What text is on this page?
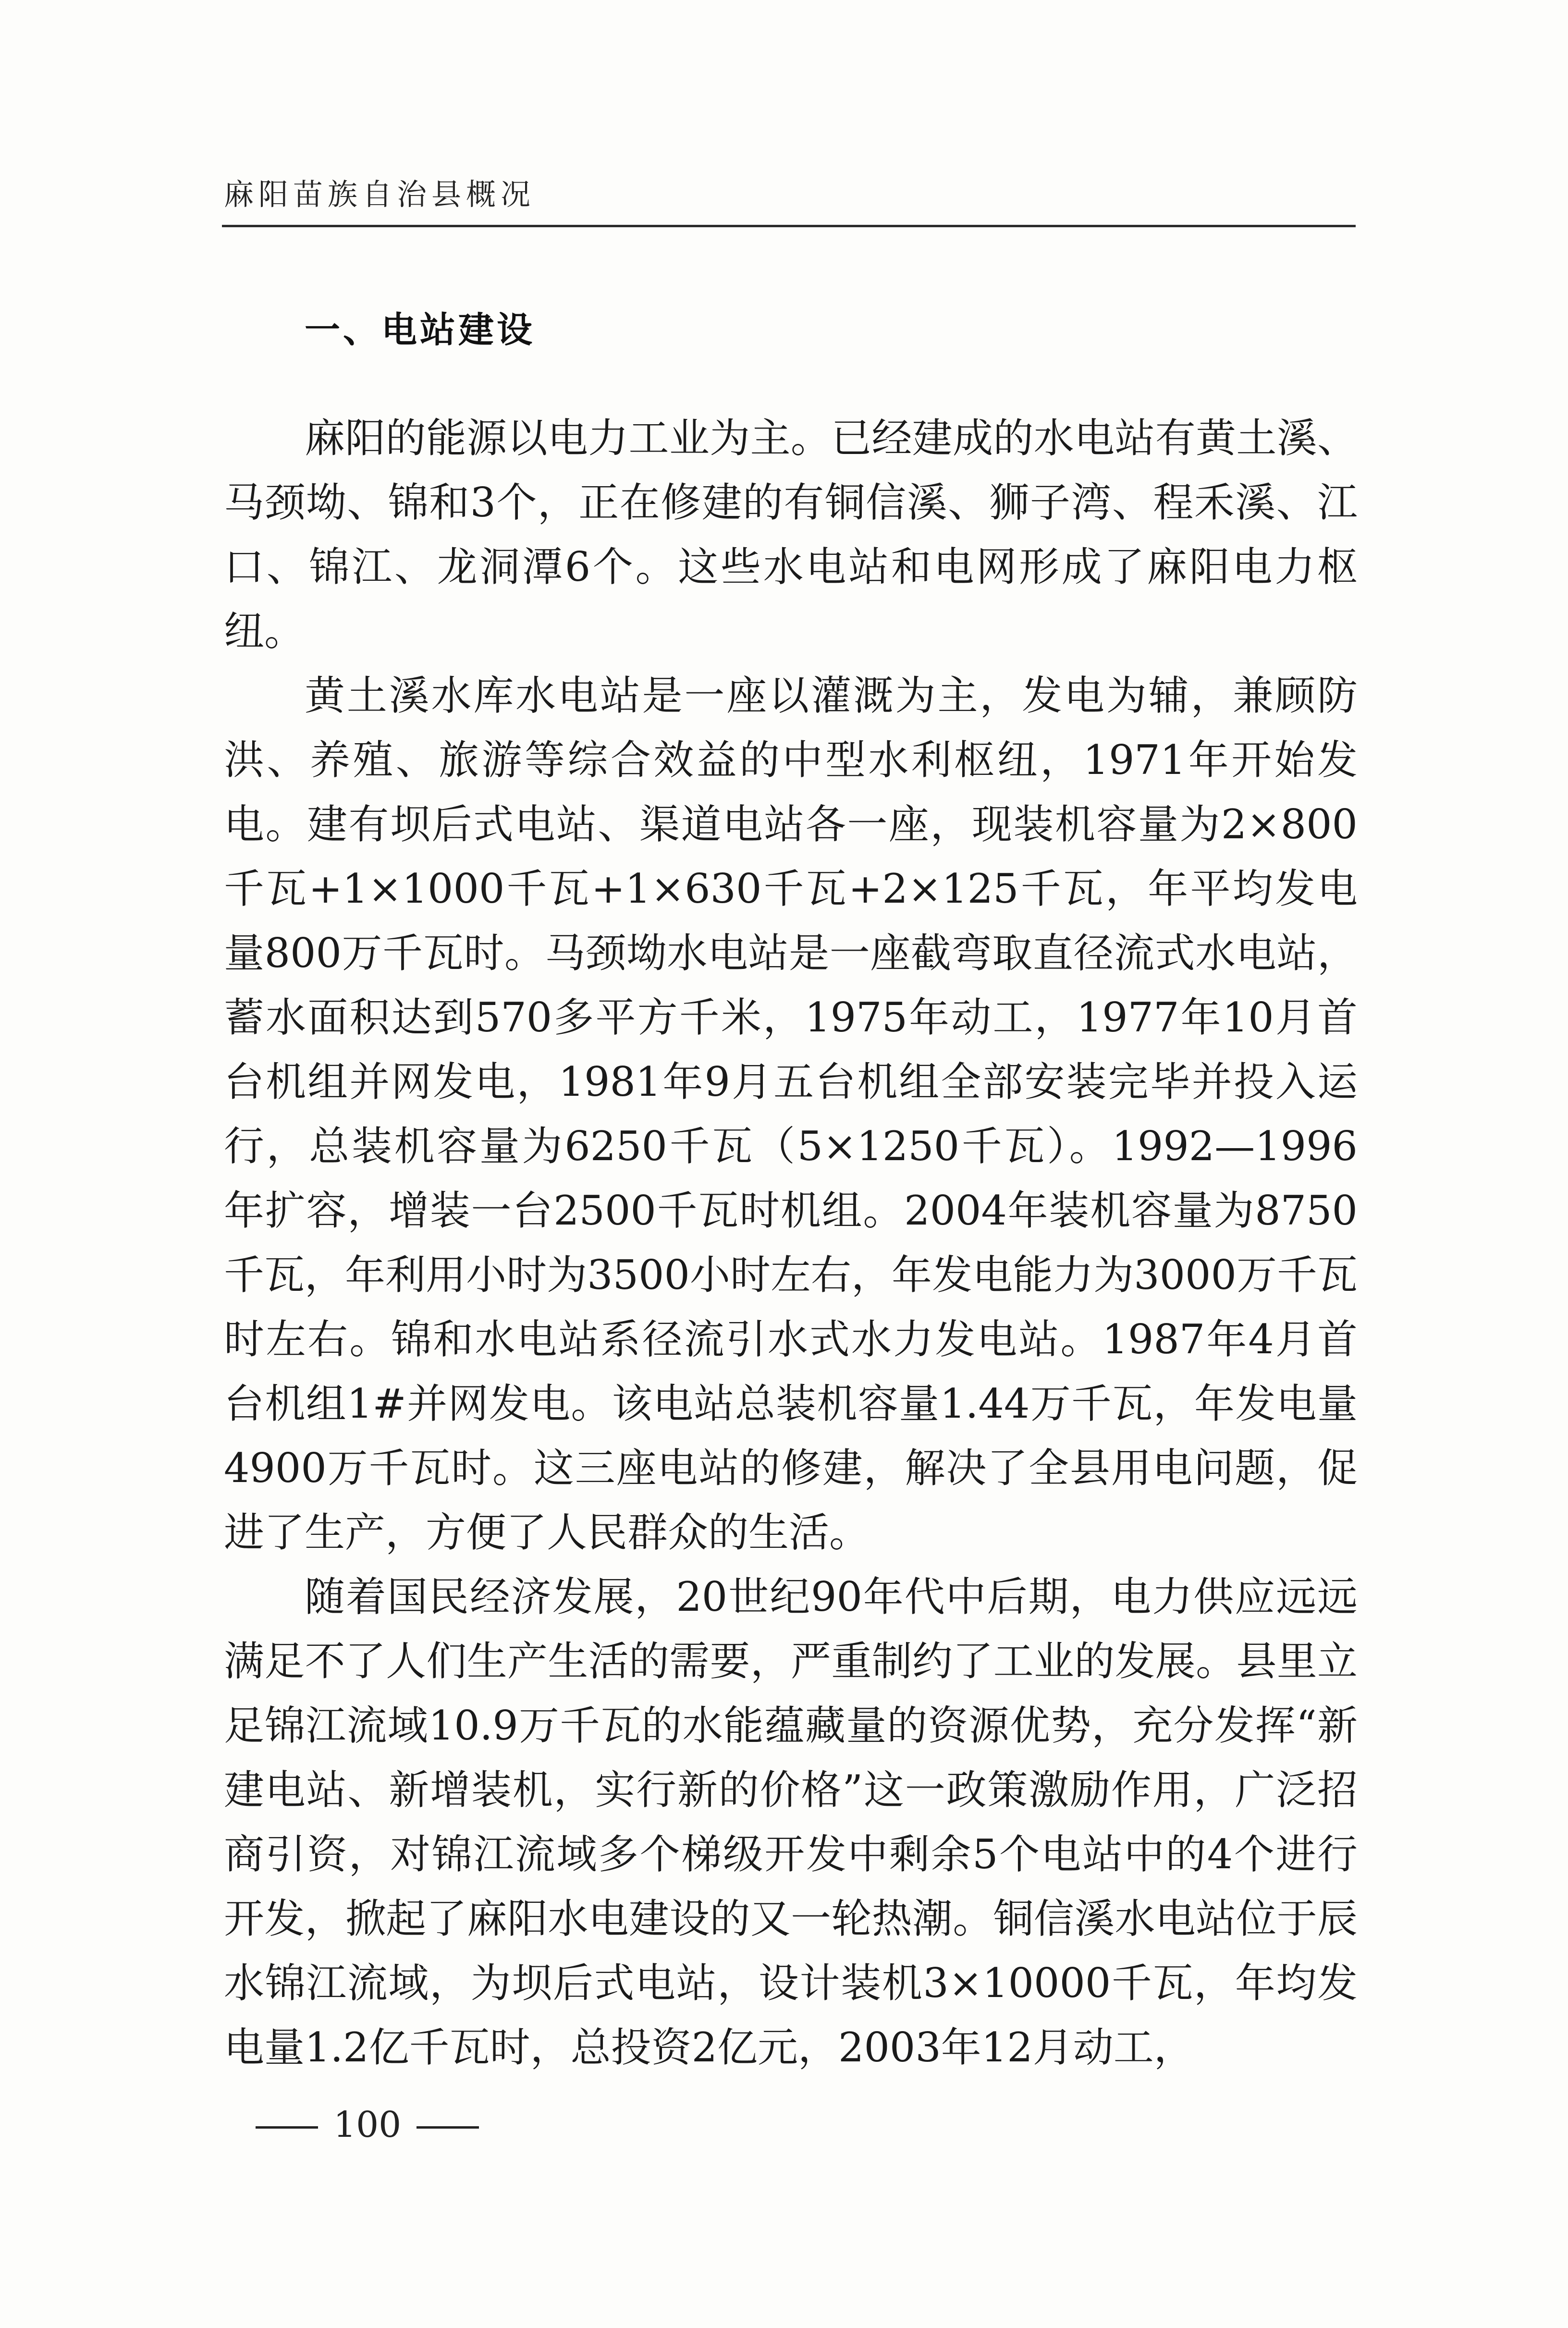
麻阳苗族自治县概况
一、电站建设

麻阳的能源以电力工业为主。已经建成的水电站有黄土溪、马颈坳、锦和3个，正在修建的有铜信溪、狮子湾、程禾溪、江口、锦江、龙洞潭6个。这些水电站和电网形成了麻阳电力枢纽。

黄土溪水库水电站是一座以灌溉为主，发电为辅，兼顾防洪、养殖、旅游等综合效益的中型水利枢纽，1971年开始发电。建有坝后式电站、渠道电站各一座，现装机容量为2×800千瓦+1×1000千瓦+1×630千瓦+2×125千瓦，年平均发电量800万千瓦时。马颈坳水电站是一座截弯取直径流式水电站，蓄水面积达到570多平方千米，1975年动工，1977年10月首台机组并网发电，1981年9月五台机组全部安装完毕并投入运行，总装机容量为6250千瓦（5×1250千瓦）。1992—1996年扩容，增装一台2500千瓦时机组。2004年装机容量为8750千瓦，年利用小时为3500小时左右，年发电能力为3000万千瓦时左右。锦和水电站系径流引水式水力发电站。1987年4月首台机组1#并网发电。该电站总装机容量1.44万千瓦，年发电量4900万千瓦时。这三座电站的修建，解决了全县用电问题，促进了生产，方便了人民群众的生活。

随着国民经济发展，20世纪90年代中后期，电力供应远远满足不了人们生产生活的需要，严重制约了工业的发展。县里立足锦江流域10.9万千瓦的水能蕴藏量的资源优势，充分发挥“新建电站、新增装机，实行新的价格”这一政策激励作用，广泛招商引资，对锦江流域多个梯级开发中剩余5个电站中的4个进行开发，掀起了麻阳水电建设的又一轮热潮。铜信溪水电站位于辰水锦江流域，为坝后式电站，设计装机3×10000千瓦，年均发电量1.2亿千瓦时，总投资2亿元，2003年12月动工，

100
